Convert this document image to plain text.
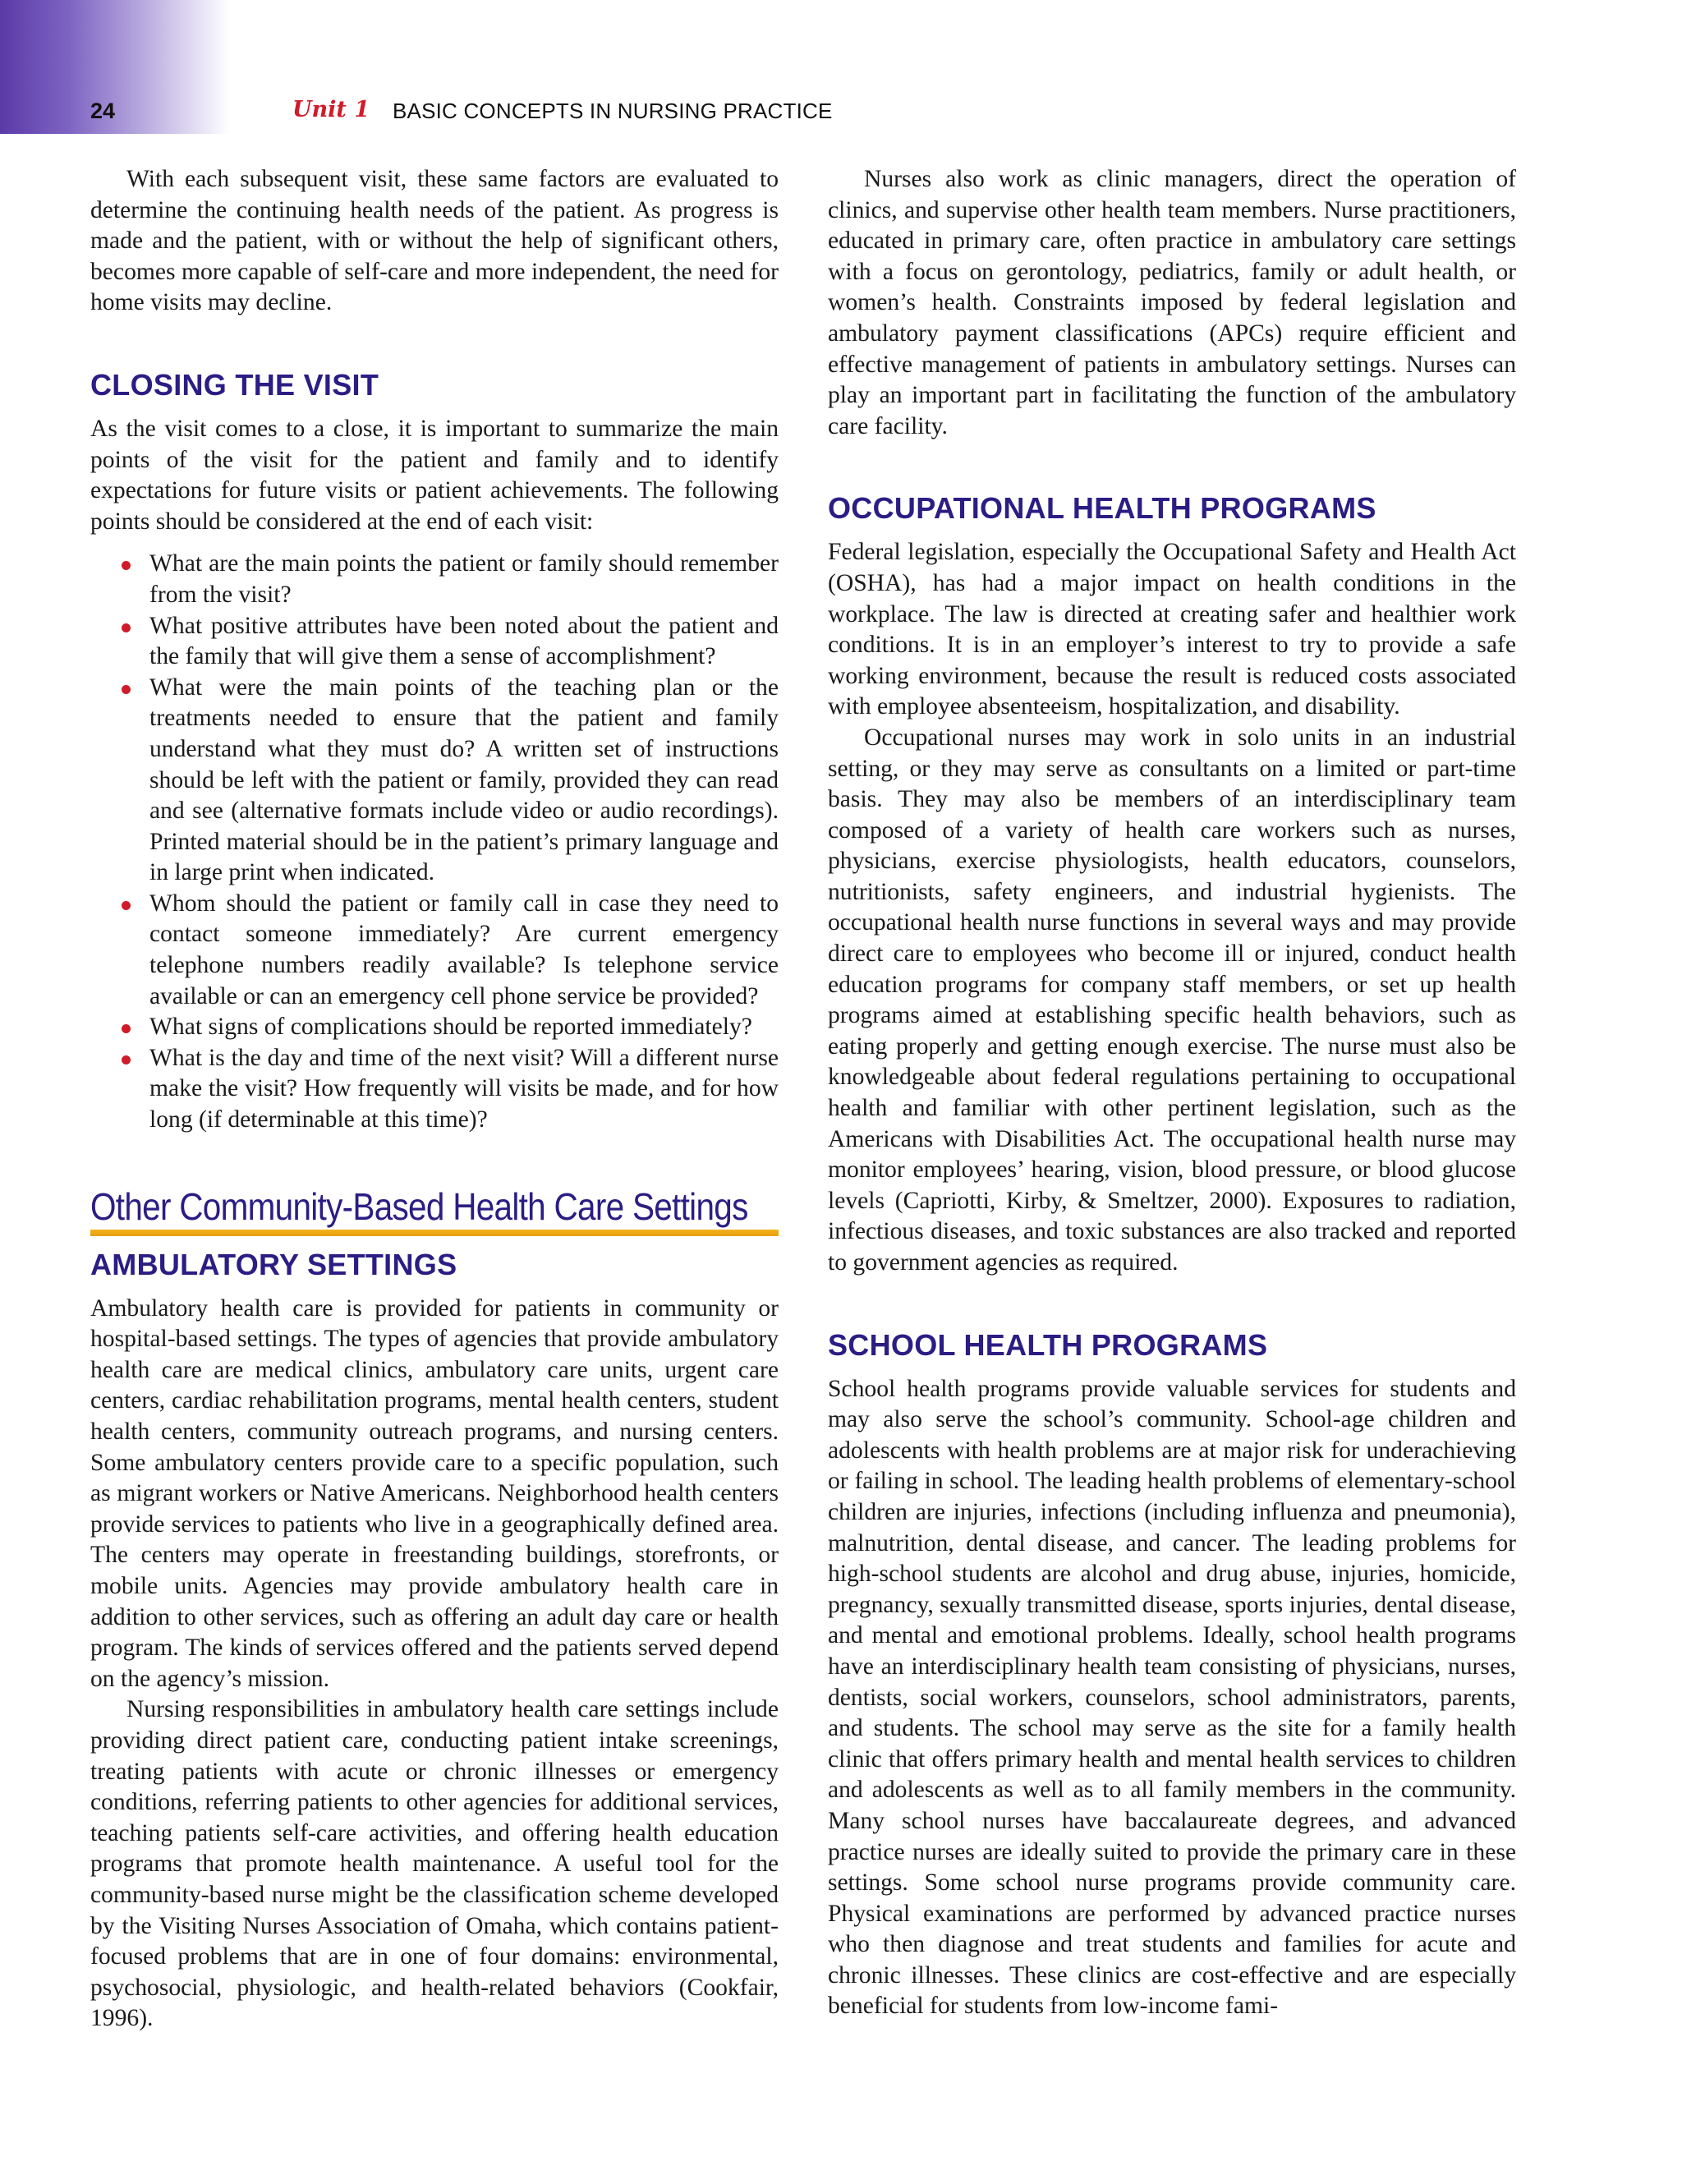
24	Unit 1 BASIC CONCEPTS IN NURSING PRACTICE

With each subsequent visit, these same factors are evaluated to determine the continuing health needs of the patient. As progress is made and the patient, with or without the help of significant others, becomes more capable of self-care and more independent, the need for home visits may decline.

CLOSING THE VISIT

As the visit comes to a close, it is important to summarize the main points of the visit for the patient and family and to identify expectations for future visits or patient achievements. The following points should be considered at the end of each visit:

What are the main points the patient or family should remember from the visit?

What positive attributes have been noted about the patient and the family that will give them a sense of accomplishment?

What were the main points of the teaching plan or the treatments needed to ensure that the patient and family understand what they must do? A written set of instructions should be left with the patient or family, provided they can read and see (alternative formats include video or audio recordings). Printed material should be in the patient’s primary language and in large print when indicated.

Whom should the patient or family call in case they need to contact someone immediately? Are current emergency telephone numbers readily available? Is telephone service available or can an emergency cell phone service be provided?

What signs of complications should be reported immediately?

What is the day and time of the next visit? Will a different nurse make the visit? How frequently will visits be made, and for how long (if determinable at this time)?

Other Community-Based Health Care Settings
AMBULATORY SETTINGS

Ambulatory health care is provided for patients in community or hospital-based settings. The types of agencies that provide ambulatory health care are medical clinics, ambulatory care units, urgent care centers, cardiac rehabilitation programs, mental health centers, student health centers, community outreach programs, and nursing centers. Some ambulatory centers provide care to a specific population, such as migrant workers or Native Americans. Neighborhood health centers provide services to patients who live in a geographically defined area. The centers may operate in freestanding buildings, storefronts, or mobile units. Agencies may provide ambulatory health care in addition to other services, such as offering an adult day care or health program. The kinds of services offered and the patients served depend on the agency’s mission.

Nursing responsibilities in ambulatory health care settings include providing direct patient care, conducting patient intake screenings, treating patients with acute or chronic illnesses or emergency conditions, referring patients to other agencies for additional services, teaching patients self-care activities, and offering health education programs that promote health maintenance. A useful tool for the community-based nurse might be the classification scheme developed by the Visiting Nurses Association of Omaha, which contains patient-focused problems that are in one of four domains: environmental, psychosocial, physiologic, and health-related behaviors (Cookfair, 1996).

Nurses also work as clinic managers, direct the operation of clinics, and supervise other health team members. Nurse practitioners, educated in primary care, often practice in ambulatory care settings with a focus on gerontology, pediatrics, family or adult health, or women’s health. Constraints imposed by federal legislation and ambulatory payment classifications (APCs) require efficient and effective management of patients in ambulatory settings. Nurses can play an important part in facilitating the function of the ambulatory care facility.

OCCUPATIONAL HEALTH PROGRAMS

Federal legislation, especially the Occupational Safety and Health Act (OSHA), has had a major impact on health conditions in the workplace. The law is directed at creating safer and healthier work conditions. It is in an employer’s interest to try to provide a safe working environment, because the result is reduced costs associated with employee absenteeism, hospitalization, and disability.

Occupational nurses may work in solo units in an industrial setting, or they may serve as consultants on a limited or part-time basis. They may also be members of an interdisciplinary team composed of a variety of health care workers such as nurses, physicians, exercise physiologists, health educators, counselors, nutritionists, safety engineers, and industrial hygienists. The occupational health nurse functions in several ways and may provide direct care to employees who become ill or injured, conduct health education programs for company staff members, or set up health programs aimed at establishing specific health behaviors, such as eating properly and getting enough exercise. The nurse must also be knowledgeable about federal regulations pertaining to occupational health and familiar with other pertinent legislation, such as the Americans with Disabilities Act. The occupational health nurse may monitor employees’ hearing, vision, blood pressure, or blood glucose levels (Capriotti, Kirby, & Smeltzer, 2000). Exposures to radiation, infectious diseases, and toxic substances are also tracked and reported to government agencies as required.

SCHOOL HEALTH PROGRAMS

School health programs provide valuable services for students and may also serve the school’s community. School-age children and adolescents with health problems are at major risk for underachieving or failing in school. The leading health problems of elementary-school children are injuries, infections (including influenza and pneumonia), malnutrition, dental disease, and cancer. The leading problems for high-school students are alcohol and drug abuse, injuries, homicide, pregnancy, sexually transmitted disease, sports injuries, dental disease, and mental and emotional problems. Ideally, school health programs have an interdisciplinary health team consisting of physicians, nurses, dentists, social workers, counselors, school administrators, parents, and students. The school may serve as the site for a family health clinic that offers primary health and mental health services to children and adolescents as well as to all family members in the community. Many school nurses have baccalaureate degrees, and advanced practice nurses are ideally suited to provide the primary care in these settings. Some school nurse programs provide community care. Physical examinations are performed by advanced practice nurses who then diagnose and treat students and families for acute and chronic illnesses. These clinics are cost-effective and are especially beneficial for students from low-income fami-
